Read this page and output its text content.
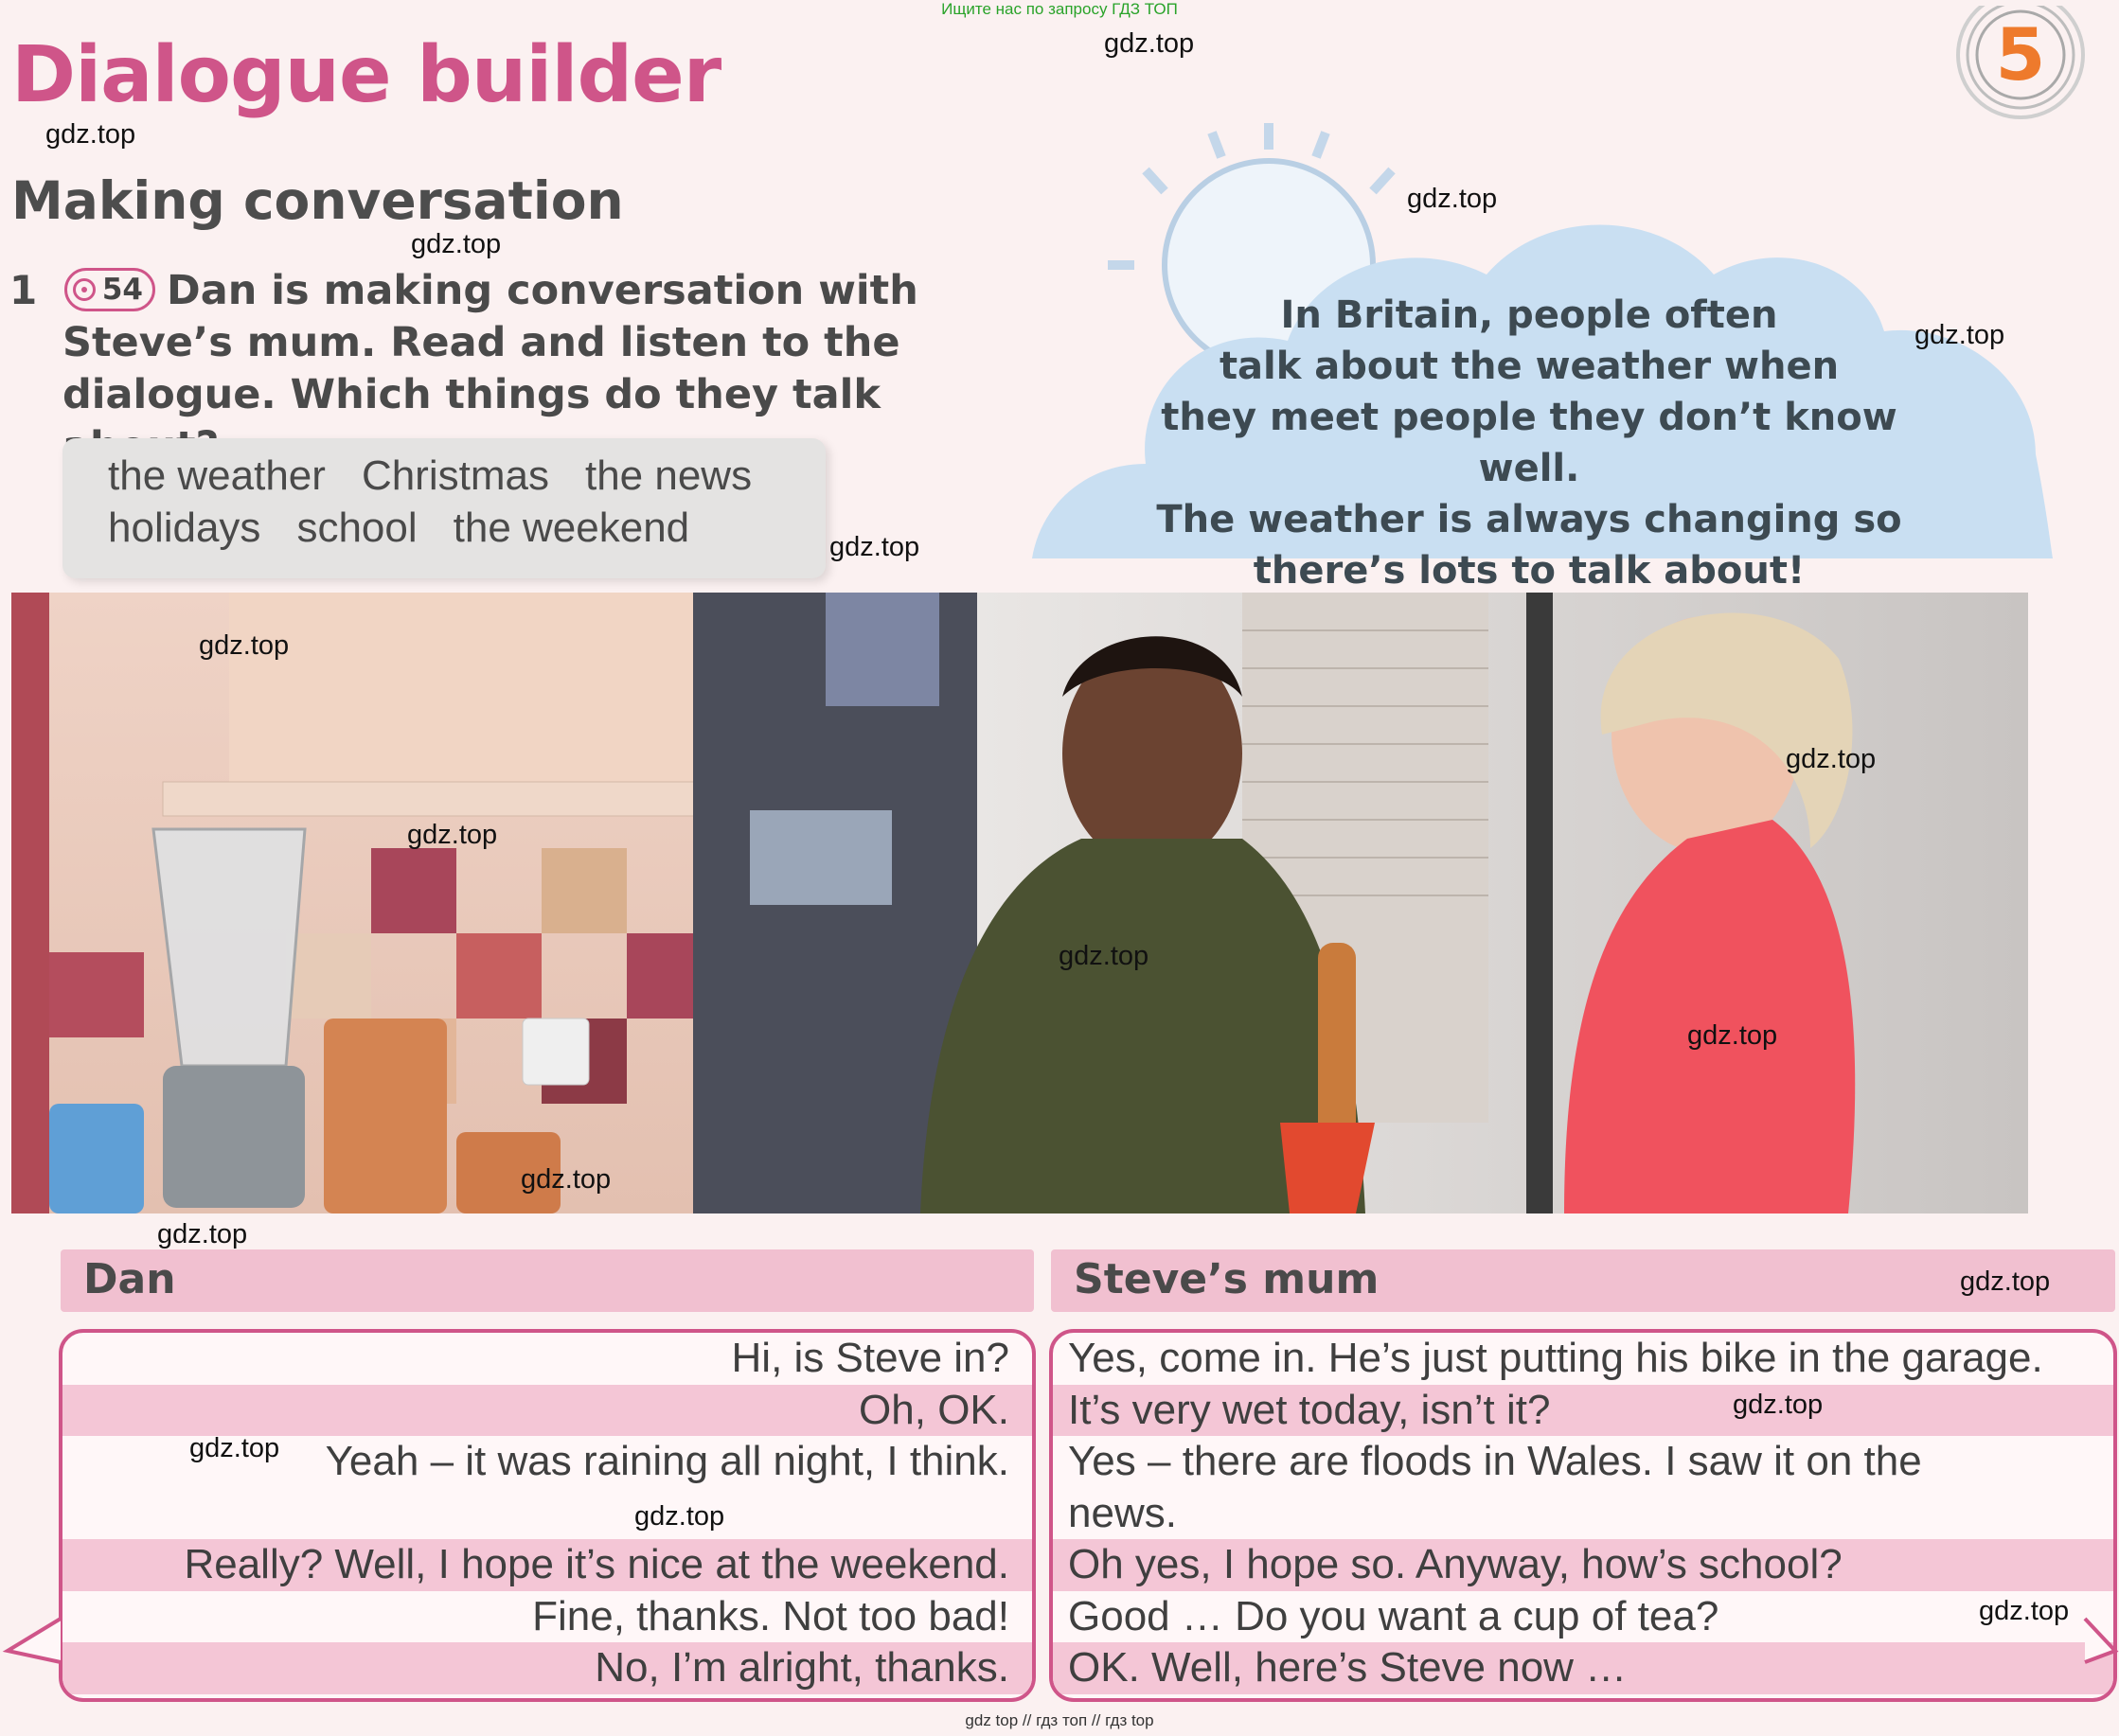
Ищите нас по запросу ГДЗ ТОП
gdz top // гдз топ // гдз top
5
Dialogue builder
Making conversation
1	Dan is making conversation with
Steve’s mum. Read and listen to the
dialogue. Which things do they talk
54
the weather Christmas the news
holidays school the weekend
In Britain, people often
talk about the weather when
they meet people they don’t know well.
The weather is always changing so
there’s lots to talk about!
Dan	Steve’s mum
Hi, is Steve in?
Oh, OK.
Yeah – it was raining all night, I think.
Really? Well, I hope it’s nice at the weekend.
Fine, thanks. Not too bad!
No, I’m alright, thanks.
Yes, come in. He’s just putting his bike in the garage.
It’s very wet today, isn’t it?
Yes – there are floods in Wales. I saw it on the
news.
Oh yes, I hope so. Anyway, how’s school?
Good … Do you want a cup of tea?
OK. Well, here’s Steve now …
gdz.top
gdz.top
gdz.top
gdz.top
gdz.top
gdz.top
gdz.top
gdz.top
gdz.top
gdz.top
gdz.top
gdz.top
gdz.top
gdz.top
gdz.top
gdz.top
gdz.top
gdz.top
